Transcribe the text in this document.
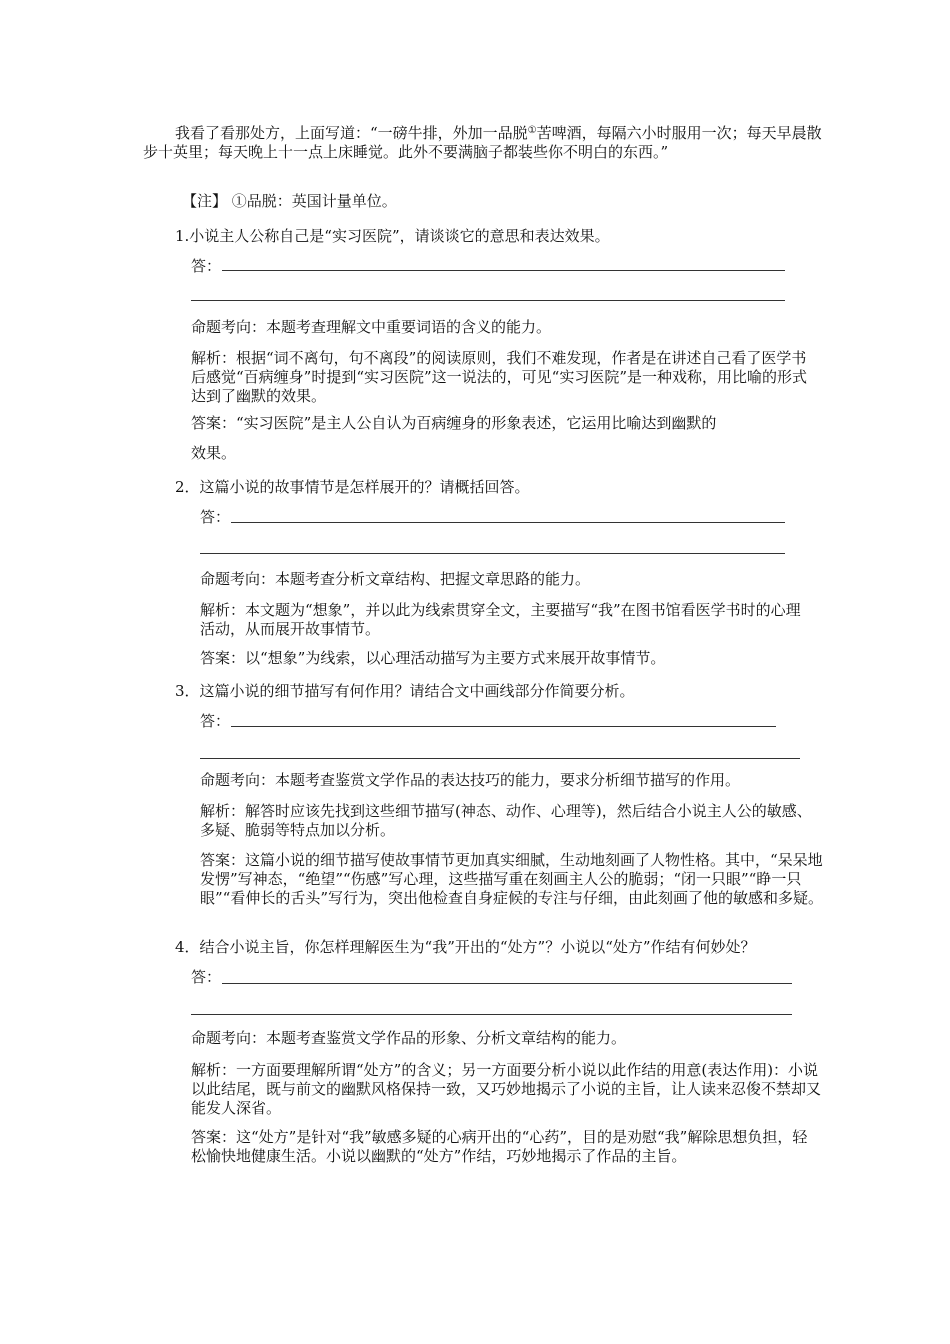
我看了看那处方，上面写道：“一磅牛排，外加一品脱①苦啤酒，每隔六小时服用一次；每天早晨散步十英里；每天晚上十一点上床睡觉。此外不要满脑子都装些你不明白的东西。”
【注】 ①品脱：英国计量单位。
1.小说主人公称自己是“实习医院”，请谈谈它的意思和表达效果。
答：
命题考向：本题考查理解文中重要词语的含义的能力。
解析：根据“词不离句，句不离段”的阅读原则，我们不难发现，作者是在讲述自己看了医学书后感觉“百病缠身”时提到“实习医院”这一说法的，可见“实习医院”是一种戏称，用比喻的形式达到了幽默的效果。
答案：“实习医院”是主人公自认为百病缠身的形象表述，它运用比喻达到幽默的
效果。
2．这篇小说的故事情节是怎样展开的？请概括回答。
答：
命题考向：本题考查分析文章结构、把握文章思路的能力。
解析：本文题为“想象”，并以此为线索贯穿全文，主要描写“我”在图书馆看医学书时的心理活动，从而展开故事情节。
答案：以“想象”为线索，以心理活动描写为主要方式来展开故事情节。
3．这篇小说的细节描写有何作用？请结合文中画线部分作简要分析。
答：
命题考向：本题考查鉴赏文学作品的表达技巧的能力，要求分析细节描写的作用。
解析：解答时应该先找到这些细节描写(神态、动作、心理等)，然后结合小说主人公的敏感、多疑、脆弱等特点加以分析。
答案：这篇小说的细节描写使故事情节更加真实细腻，生动地刻画了人物性格。其中，“呆呆地发愣”写神态，“绝望”“伤感”写心理，这些描写重在刻画主人公的脆弱；“闭一只眼”“睁一只眼”“看伸长的舌头”写行为，突出他检查自身症候的专注与仔细，由此刻画了他的敏感和多疑。
4．结合小说主旨，你怎样理解医生为“我”开出的“处方”？小说以“处方”作结有何妙处？
答：
命题考向：本题考查鉴赏文学作品的形象、分析文章结构的能力。
解析：一方面要理解所谓“处方”的含义；另一方面要分析小说以此作结的用意(表达作用)：小说以此结尾，既与前文的幽默风格保持一致，又巧妙地揭示了小说的主旨，让人读来忍俊不禁却又能发人深省。
答案：这“处方”是针对“我”敏感多疑的心病开出的“心药”，目的是劝慰“我”解除思想负担，轻松愉快地健康生活。小说以幽默的“处方”作结，巧妙地揭示了作品的主旨。
